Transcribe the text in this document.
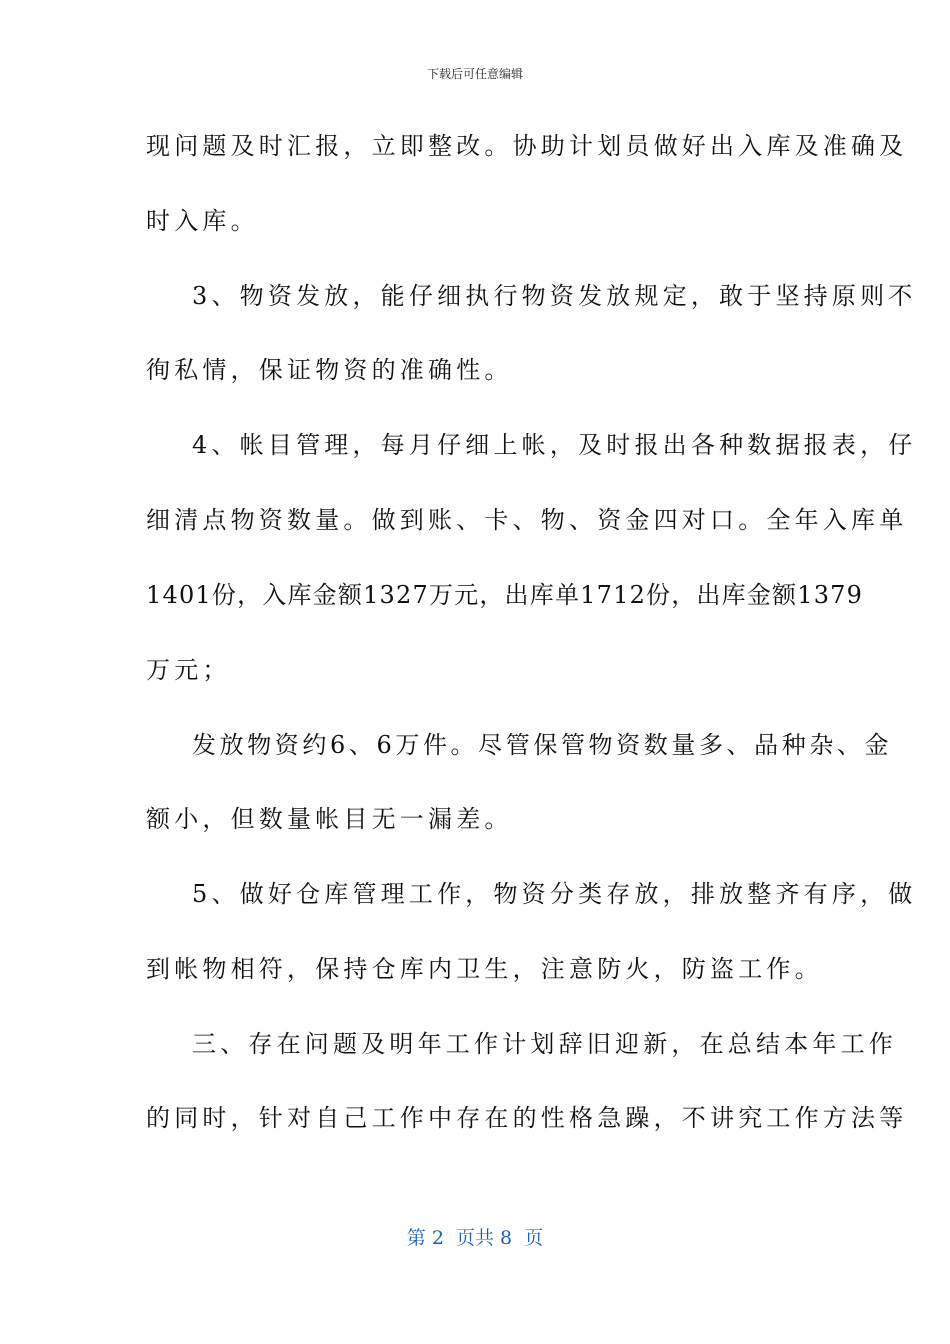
下载后可任意编辑
现问题及时汇报，立即整改。协助计划员做好出入库及准确及
时入库。
3、物资发放，能仔细执行物资发放规定，敢于坚持原则不
徇私情，保证物资的准确性。
4、帐目管理，每月仔细上帐，及时报出各种数据报表，仔
细清点物资数量。做到账、卡、物、资金四对口。全年入库单
1401份，入库金额1327万元，出库单1712份，出库金额1379
万元；
发放物资约6、6万件。尽管保管物资数量多、品种杂、金
额小，但数量帐目无一漏差。
5、做好仓库管理工作，物资分类存放，排放整齐有序，做
到帐物相符，保持仓库内卫生，注意防火，防盗工作。
三、存在问题及明年工作计划辞旧迎新，在总结本年工作
的同时，针对自己工作中存在的性格急躁，不讲究工作方法等
第 2  页共 8  页
